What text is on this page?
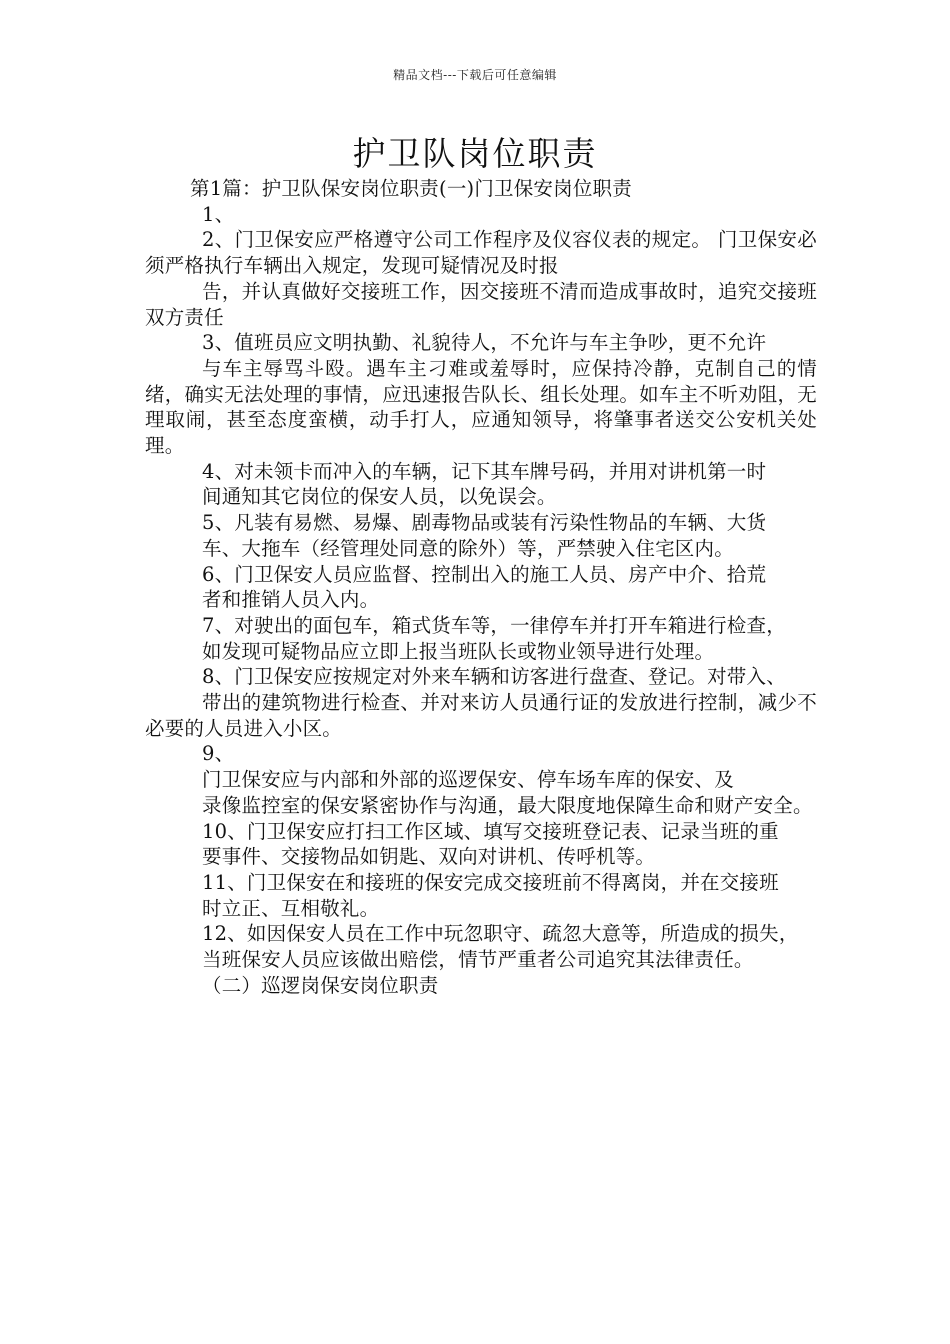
精品文档---下载后可任意编辑
护卫队岗位职责

第1篇：护卫队保安岗位职责(一)门卫保安岗位职责

1、

2、门卫保安应严格遵守公司工作程序及仪容仪表的规定。 门卫保安必须严格执行车辆出入规定，发现可疑情况及时报

告，并认真做好交接班工作，因交接班不清而造成事故时，追究交接班双方责任

3、值班员应文明执勤、礼貌待人，不允许与车主争吵，更不允许

与车主辱骂斗殴。遇车主刁难或羞辱时，应保持冷静，克制自己的情绪，确实无法处理的事情，应迅速报告队长、组长处理。如车主不听劝阻，无理取闹，甚至态度蛮横，动手打人，应通知领导，将肇事者送交公安机关处理。

4、对未领卡而冲入的车辆，记下其车牌号码，并用对讲机第一时

间通知其它岗位的保安人员，以免误会。

5、凡装有易燃、易爆、剧毒物品或装有污染性物品的车辆、大货

车、大拖车（经管理处同意的除外）等，严禁驶入住宅区内。

6、门卫保安人员应监督、控制出入的施工人员、房产中介、拾荒

者和推销人员入内。

7、对驶出的面包车，箱式货车等，一律停车并打开车箱进行检查，

如发现可疑物品应立即上报当班队长或物业领导进行处理。

8、门卫保安应按规定对外来车辆和访客进行盘查、登记。对带入、

带出的建筑物进行检查、并对来访人员通行证的发放进行控制，减少不必要的人员进入小区。

9、

门卫保安应与内部和外部的巡逻保安、停车场车库的保安、及

录像监控室的保安紧密协作与沟通，最大限度地保障生命和财产安全。

10、门卫保安应打扫工作区域、填写交接班登记表、记录当班的重

要事件、交接物品如钥匙、双向对讲机、传呼机等。

11、门卫保安在和接班的保安完成交接班前不得离岗，并在交接班

时立正、互相敬礼。

12、如因保安人员在工作中玩忽职守、疏忽大意等，所造成的损失，

当班保安人员应该做出赔偿，情节严重者公司追究其法律责任。

（二）巡逻岗保安岗位职责
